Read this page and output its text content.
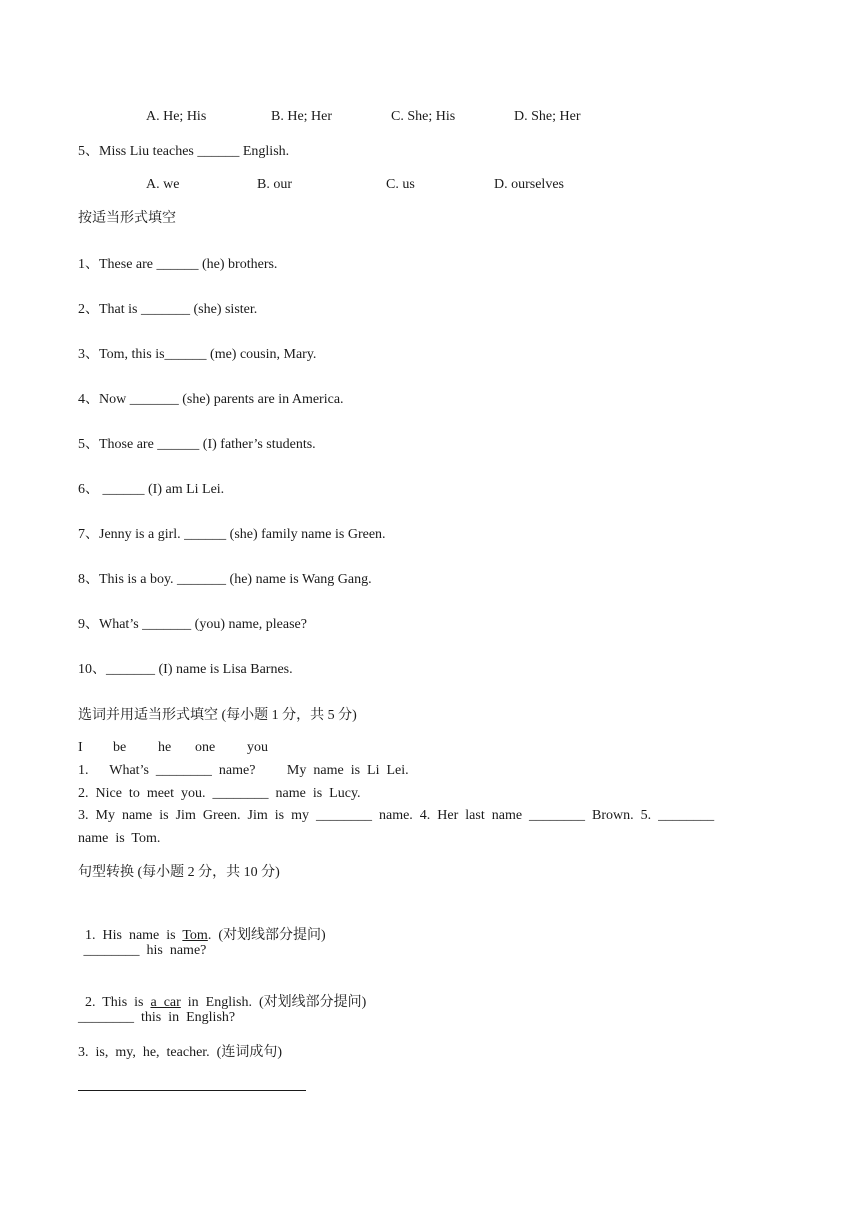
A. He; His	B. He; Her	C. She; His	D. She; Her
5、Miss Liu teaches ______ English.
A. we	B. our	C. us	D. ourselves
按适当形式填空
1、These are ______ (he) brothers.
2、That is _______ (she) sister.
3、Tom, this is______ (me) cousin, Mary.
4、Now _______ (she) parents are in America.
5、Those are ______ (I) father’s students.
6、 ______ (I) am Li Lei.
7、Jenny is a girl. ______ (she) family name is Green.
8、This is a boy. _______ (he) name is Wang Gang.
9、What’s _______ (you) name, please?
10、_______ (I) name is Lisa Barnes.
选词并用适当形式填空 (每小题 1 分，共 5 分)
I be he one you
1.      What’s  ________  name?         My  name  is  Li  Lei.
2.  Nice  to  meet  you.  ________  name  is  Lucy.
3.  My  name  is  Jim  Green.  Jim  is  my  ________  name.  4.  Her  last  name  ________  Brown.  5.  ________
name  is  Tom.
句型转换 (每小题 2 分，共 10 分)

1.  His  name  is  Tom.  (对划线部分提问)

________  his  name?

2.  This  is  a  car  in  English.  (对划线部分提问)

________  this  in  English?
3.  is,  my,  he,  teacher.  (连词成句)
